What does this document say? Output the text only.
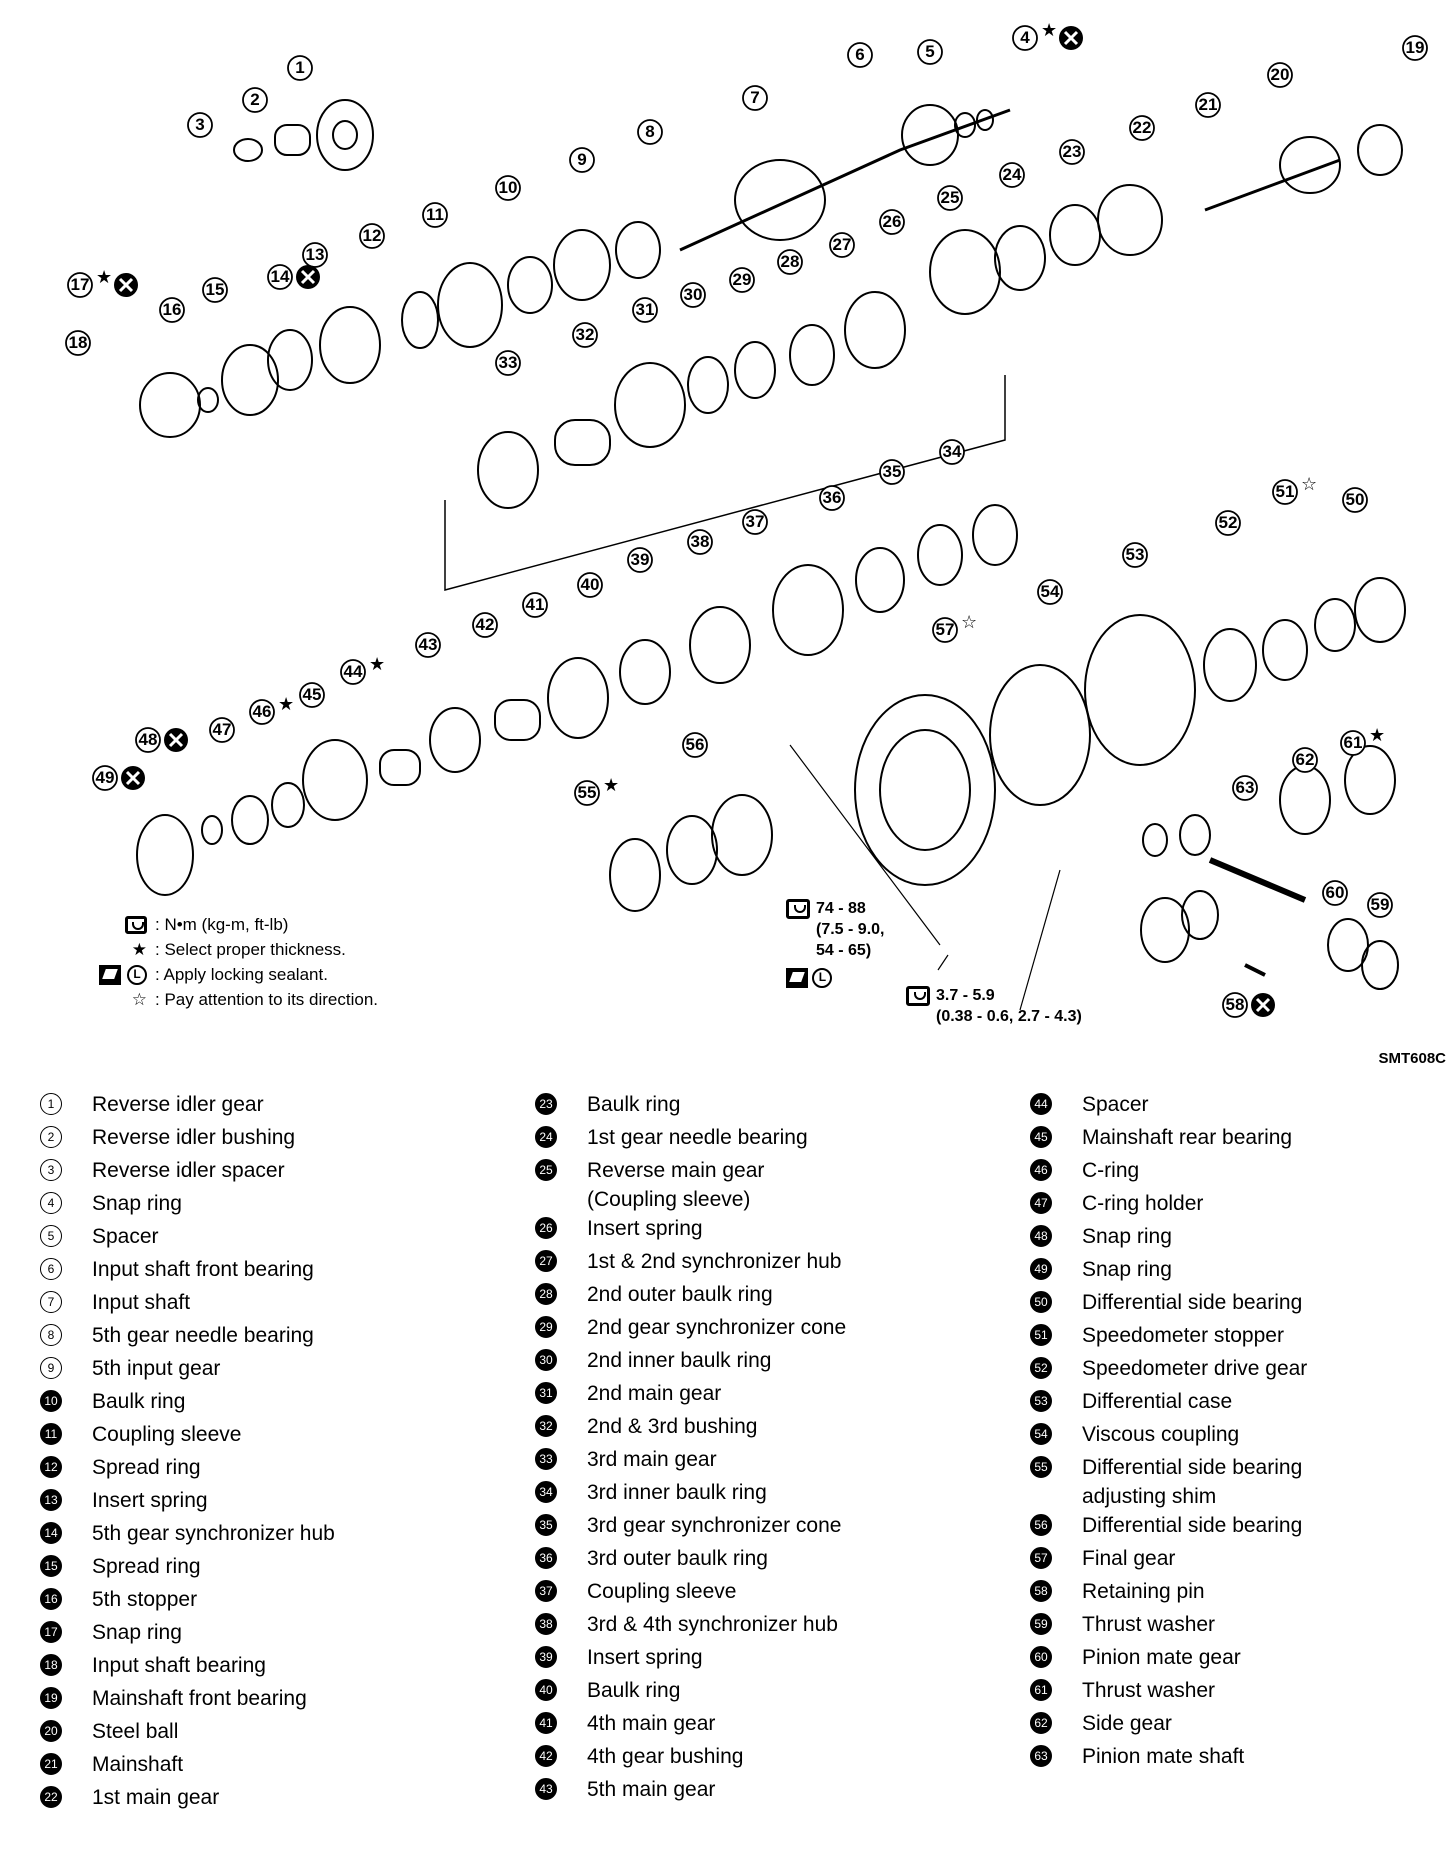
1
2
3
4 ★
5
6
7
8
9
10
11
12
13
14
15
16
17 ★
18
19
20
21
22
23
24
25
26
27
28
29
30
31
32
33
34
35
36
37
38
39
40
41
42
43
44 ★
45
46 ★
47
48
49
50
51 ☆
52
53
54
55 ★
56
57 ☆
58
59
60
61 ★
62
63
: N•m (kg-m, ft-lb)
★ : Select proper thickness.
L : Apply locking sealant.
☆ : Pay attention to its direction.
74 - 88
(7.5 - 9.0,
54 - 65)
L
3.7 - 5.9
(0.38 - 0.6, 2.7 - 4.3)
SMT608C
1	Reverse idler gear
2	Reverse idler bushing
3	Reverse idler spacer
4	Snap ring
5	Spacer
6	Input shaft front bearing
7	Input shaft
8	5th gear needle bearing
9	5th input gear
10 Baulk ring
11 Coupling sleeve
12 Spread ring
13 Insert spring
14 5th gear synchronizer hub
15 Spread ring
16 5th stopper
17 Snap ring
18 Input shaft bearing
19 Mainshaft front bearing
20 Steel ball
21 Mainshaft
22 1st main gear
23 Baulk ring
24 1st gear needle bearing
25 Reverse main gear
(Coupling sleeve)
26 Insert spring
27 1st & 2nd synchronizer hub
28 2nd outer baulk ring
29 2nd gear synchronizer cone
30 2nd inner baulk ring
31 2nd main gear
32 2nd & 3rd bushing
33 3rd main gear
34 3rd inner baulk ring
35 3rd gear synchronizer cone
36 3rd outer baulk ring
37 Coupling sleeve
38 3rd & 4th synchronizer hub
39 Insert spring
40 Baulk ring
41 4th main gear
42 4th gear bushing
43 5th main gear
44 Spacer
45 Mainshaft rear bearing
46 C-ring
47 C-ring holder
48 Snap ring
49 Snap ring
50 Differential side bearing
51 Speedometer stopper
52 Speedometer drive gear
53 Differential case
54 Viscous coupling
55 Differential side bearing
adjusting shim
56 Differential side bearing
57 Final gear
58 Retaining pin
59 Thrust washer
60 Pinion mate gear
61 Thrust washer
62 Side gear
63 Pinion mate shaft
